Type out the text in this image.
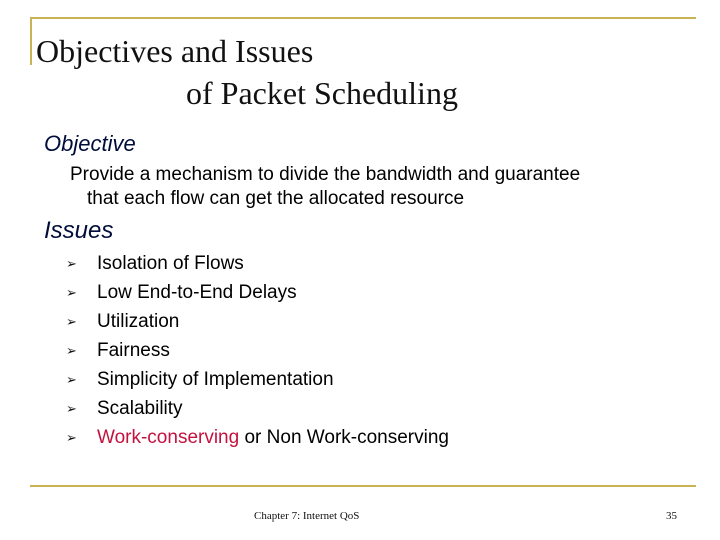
Objectives and Issues
of Packet Scheduling
Objective
Provide a mechanism to divide the bandwidth and guarantee
that each flow can get the allocated resource
Issues
➢ Isolation of Flows
➢ Low End-to-End Delays
➢ Utilization
➢ Fairness
➢ Simplicity of Implementation
➢ Scalability
➢ Work-conserving or Non Work-conserving
Chapter 7: Internet QoS	35
